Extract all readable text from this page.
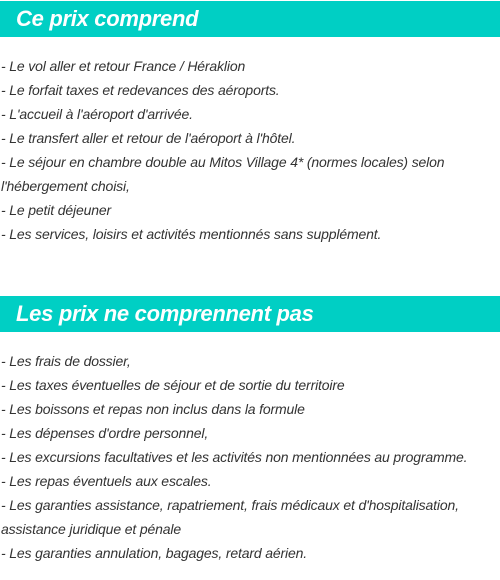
Ce prix comprend
- Le vol aller et retour France / Héraklion
- Le forfait taxes et redevances des aéroports.
- L'accueil à l'aéroport d'arrivée.
- Le transfert aller et retour de l'aéroport à l'hôtel.
- Le séjour en chambre double au Mitos Village 4* (normes locales) selon l'hébergement choisi,
- Le petit déjeuner
- Les services, loisirs et activités mentionnés sans supplément.
Les prix ne comprennent pas
- Les frais de dossier,
- Les taxes éventuelles de séjour et de sortie du territoire
- Les boissons et repas non inclus dans la formule
- Les dépenses d'ordre personnel,
- Les excursions facultatives et les activités non mentionnées au programme.
- Les repas éventuels aux escales.
- Les garanties assistance, rapatriement, frais médicaux et d'hospitalisation, assistance juridique et pénale
- Les garanties annulation, bagages, retard aérien.
